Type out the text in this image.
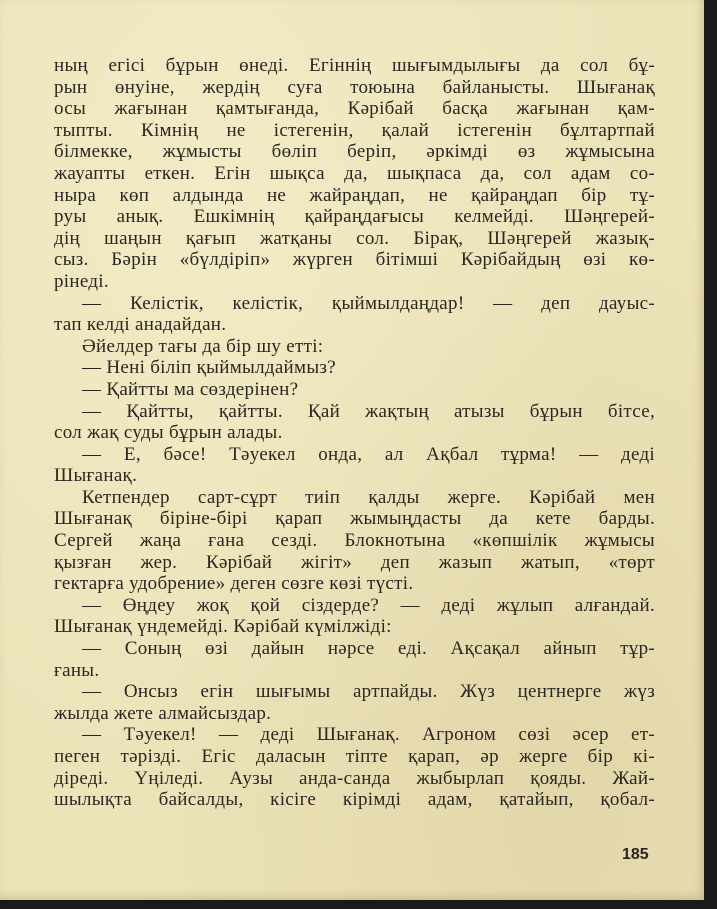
ның егісі бұрын өнеді. Егіннің шығымдылығы да сол бұ-
рын өнуіне, жердің суға тоюына байланысты. Шығанақ
осы жағынан қамтығанда, Кәрібай басқа жағынан қам-
тыпты. Кімнің не істегенін, қалай істегенін бұлтартпай
білмекке, жұмысты бөліп беріп, әркімді өз жұмысына
жауапты еткен. Егін шықса да, шықпаса да, сол адам со-
ныра көп алдында не жайраңдап, не қайраңдап бір тұ-
руы анық. Ешкімнің қайраңдағысы келмейді. Шәңгерей-
дің шаңын қағып жатқаны сол. Бірақ, Шәңгерей жазық-
сыз. Бәрін «бүлдіріп» жүрген бітімші Кәрібайдың өзі кө-
рінеді.
— Келістік, келістік, қыймылдаңдар! — деп дауыс-
тап келді анадайдан.
Әйелдер тағы да бір шу етті:
— Нені біліп қыймылдаймыз?
— Қайтты ма сөздерінен?
— Қайтты, қайтты. Қай жақтың атызы бұрын бітсе,
сол жақ суды бұрын алады.
— Е, бәсе! Тәуекел онда, ал Ақбал тұрма! — деді
Шығанақ.
Кетпендер сарт-сұрт тиіп қалды жерге. Кәрібай мен
Шығанақ біріне-бірі қарап жымыңдасты да кете барды.
Сергей жаңа ғана сезді. Блокнотына «көпшілік жұмысы
қызған жер. Кәрібай жігіт» деп жазып жатып, «төрт
гектарға удобрение» деген сөзге көзі түсті.
— Өңдеу жоқ қой сіздерде? — деді жұлып алғандай.
Шығанақ үндемейді. Кәрібай күмілжіді:
— Соның өзі дайын нәрсе еді. Ақсақал айнып тұр-
ғаны.
— Онсыз егін шығымы артпайды. Жүз центнерге жүз
жылда жете алмайсыздар.
— Тәуекел! — деді Шығанақ. Агроном сөзі әсер ет-
пеген тәрізді. Егіс даласын тіпте қарап, әр жерге бір кі-
діреді. Үңіледі. Аузы анда-санда жыбырлап қояды. Жай-
шылықта байсалды, кісіге кірімді адам, қатайып, қобал-
185
